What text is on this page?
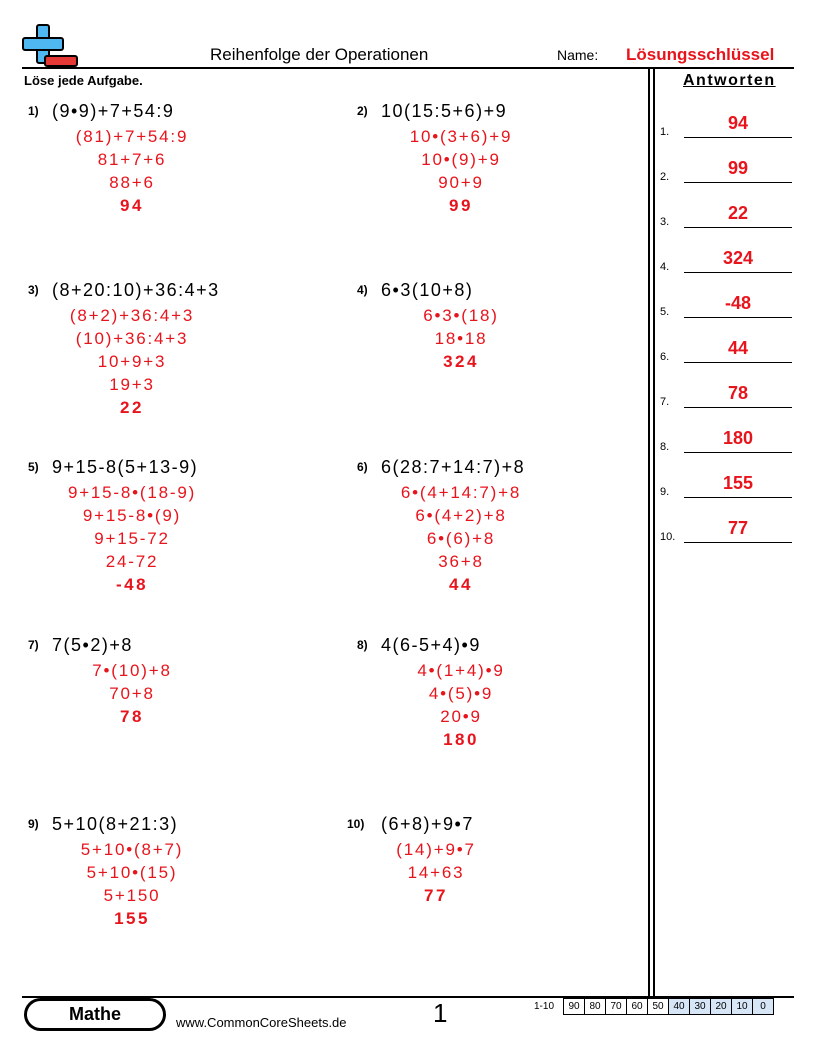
Reihenfolge der Operationen	Name: Lösungsschlüssel
Löse jede Aufgabe.
1) (9•9)+7+54:9
(81)+7+54:9
81+7+6
88+6
94
2) 10(15:5+6)+9
10•(3+6)+9
10•(9)+9
90+9
99
3) (8+20:10)+36:4+3
(8+2)+36:4+3
(10)+36:4+3
10+9+3
19+3
22
4) 6•3(10+8)
6•3•(18)
18•18
324
5) 9+15-8(5+13-9)
9+15-8•(18-9)
9+15-8•(9)
9+15-72
24-72
-48
6) 6(28:7+14:7)+8
6•(4+14:7)+8
6•(4+2)+8
6•(6)+8
36+8
44
7) 7(5•2)+8
7•(10)+8
70+8
78
8) 4(6-5+4)•9
4•(1+4)•9
4•(5)•9
20•9
180
9) 5+10(8+21:3)
5+10•(8+7)
5+10•(15)
5+150
155
10) (6+8)+9•7
(14)+9•7
14+63
77
Antworten
1.	94
2.	99
3.	22
4.	324
5.	-48
6.	44
7.	78
8.	180
9.	155
10.	77
Mathe	www.CommonCoreSheets.de	1	1-10	90 80 70 60 50 40 30 20 10	0
